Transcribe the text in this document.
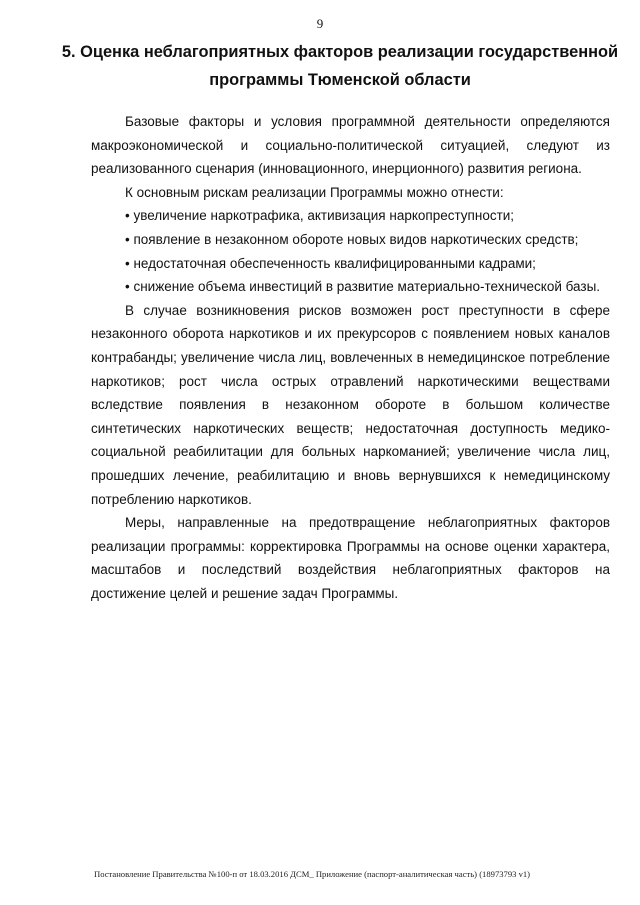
9
5. Оценка неблагоприятных факторов реализации государственной
программы Тюменской области

Базовые факторы и условия программной деятельности определяются макроэкономической и социально-политической ситуацией, следуют из реализованного сценария (инновационного, инерционного) развития региона.

К основным рискам реализации Программы можно отнести:

• увеличение наркотрафика, активизация наркопреступности;

• появление в незаконном обороте новых видов наркотических средств;

• недостаточная обеспеченность квалифицированными кадрами;

• снижение объема инвестиций в развитие материально-технической базы.

В случае возникновения рисков возможен рост преступности в сфере незаконного оборота наркотиков и их прекурсоров с появлением новых каналов контрабанды; увеличение числа лиц, вовлеченных в немедицинское потребление наркотиков; рост числа острых отравлений наркотическими веществами вследствие появления в незаконном обороте в большом количестве синтетических наркотических веществ; недостаточная доступность медико-социальной реабилитации для больных наркоманией; увеличение числа лиц, прошедших лечение, реабилитацию и вновь вернувшихся к немедицинскому потреблению наркотиков.

Меры, направленные на предотвращение неблагоприятных факторов реализации программы: корректировка Программы на основе оценки характера, масштабов и последствий воздействия неблагоприятных факторов на достижение целей и решение задач Программы.

Постановление Правительства №100-п от 18.03.2016 ДСМ_ Приложение (паспорт-аналитическая часть) (18973793 v1)
